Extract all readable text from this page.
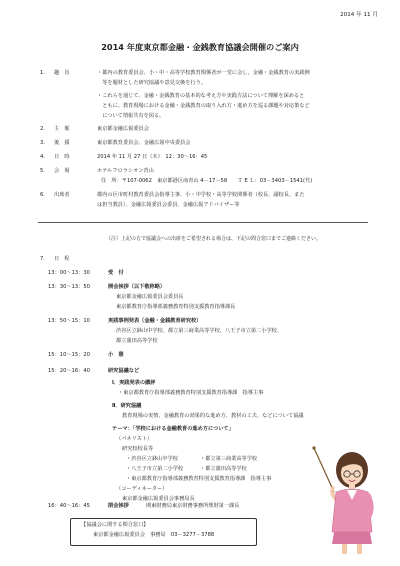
2014 年 11 月
2014 年度東京都金融・金銭教育協議会開催のご案内
1. 趣　旨	・都内の教育委員会、小・中・高等学校教育関係者が一堂に会し、金融・金銭教育の実践例
　等を題材とした研究協議や意見交換を行う。
・これらを通じて、金融・金銭教育の基本的な考え方や実践方法について理解を深めると
　ともに、教育現場における金融・金銭教育の取り入れ方・進め方を巡る課題や対応策など
　について情報共有を図る。
2. 主　催	東京都金融広報委員会
3. 後　援	東京都教育委員会、金融広報中央委員会
4. 日　時	2014 年 11 月 27 日（木）　12：30～16：45
5. 会　場	ホテルフロラシオン青山
住　所：〒107-0062　東京都港区南青山 4－17－58　　Ｔ E Ｌ：03－3403－1541(代)
6. 出席者	都内の区市町村教育委員会指導主事、小・中学校・高等学校関係者（校長、副校長、また
は担当教員）、金融広報委員会委員、金融広報アドバイザー等
（注）上記の方で協議会への出席をご希望される場合は、下記の問合窓口までご連絡ください。
7. 日　程
13：00～13：30	受　付
13：30～13：50	開会挨拶（以下敬称略）
東京都金融広報委員会委員長
東京都教育庁指導部義務教育特別支援教育指導課長
13：50～15：10	実践事例発表（金融・金銭教育研究校）
渋谷区立鉢山中学校、都立第三商業高等学校、八王子市立第二小学校、
都立蒲田高等学校
15：10～15：20	小　憩
15：20～16：40	研究協議など
Ⅰ．実践発表の講評
・東京都教育庁指導部義務教育特別支援教育指導課　指導主事
Ⅱ．研究協議
教育現場の実情、金融教育の効果的な進め方、教材の工夫、などについて協議
テーマ：「学校における金融教育の進め方について」
（パネリスト）
研究校校長等
・渋谷区立鉢山中学校	・都立第三商業高等学校
・八王子市立第二小学校	・都立蒲田高等学校
・東京都教育庁指導部義務教育特別支援教育指導課　指導主事
（コーディネーター）
東京都金融広報委員会事務局長
16：40～16：45	閉会挨拶	関東財務局東京財務事務所理財第一課長
【協議会に関する問合窓口】
東京都金融広報委員会　事務局　03－3277－3788
